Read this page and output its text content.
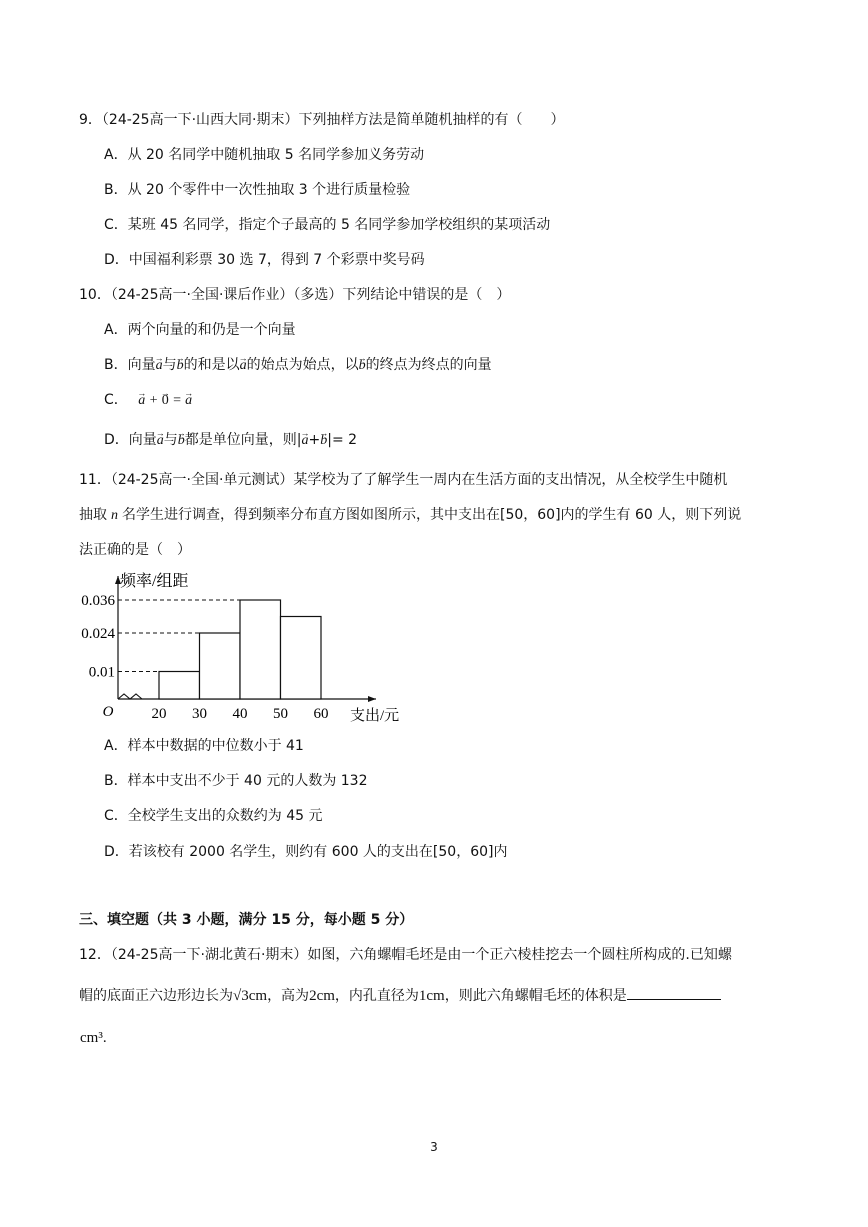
9．（24-25高一下·山西大同·期末）下列抽样方法是简单随机抽样的有（　　）
A．从 20 名同学中随机抽取 5 名同学参加义务劳动
B．从 20 个零件中一次性抽取 3 个进行质量检验
C．某班 45 名同学，指定个子最高的 5 名同学参加学校组织的某项活动
D．中国福利彩票 30 选 7，得到 7 个彩票中奖号码
10．（24-25高一·全国·课后作业）（多选）下列结论中错误的是（　）
A．两个向量的和仍是一个向量
B．向量→ a与→ b的和是以→ a的始点为始点，以→ b的终点为终点的向量
C． → a + → 0 = → a
D．向量→ a与→ b都是单位向量，则|→ a+→ b|= 2
11．（24-25高一·全国·单元测试）某学校为了了解学生一周内在生活方面的支出情况，从全校学生中随机
抽取 n 名学生进行调查，得到频率分布直方图如图所示，其中支出在[50，60]内的学生有 60 人，则下列说
法正确的是（　）
0.036
0.024
0.01
20 30 40 50 60
O
频率/组距
支出/元
A．样本中数据的中位数小于 41
B．样本中支出不少于 40 元的人数为 132
C．全校学生支出的众数约为 45 元
D．若该校有 2000 名学生，则约有 600 人的支出在[50，60]内
三、填空题（共 3 小题，满分 15 分，每小题 5 分）
12．（24-25高一下·湖北黄石·期末）如图，六角螺帽毛坯是由一个正六棱桂挖去一个圆柱所构成的.已知螺
帽的底面正六边形边长为√3cm，高为2cm，内孔直径为1cm，则此六角螺帽毛坯的体积是
cm³.
3
